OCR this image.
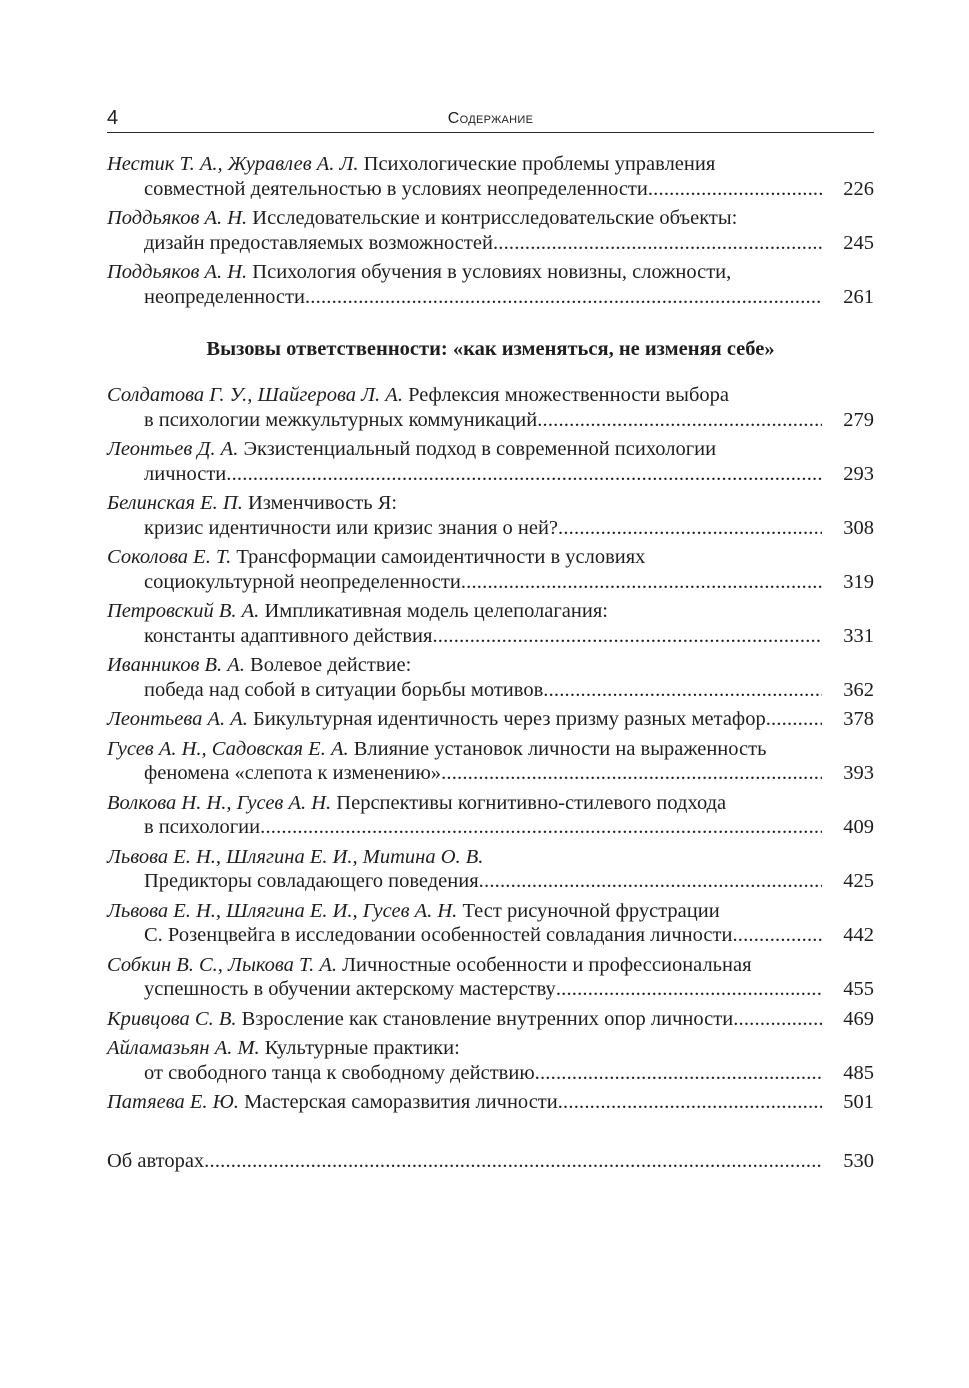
4	Содержание
Нестик Т. А., Журавлев А. Л. Психологические проблемы управления
совместной деятельностью в условиях неопределенности .....	226
Поддьяков А. Н. Исследовательские и контрисследовательские объекты:
дизайн предоставляемых возможностей .....	245
Поддьяков А. Н. Психология обучения в условиях новизны, сложности,
неопределенности .....	261
Вызовы ответственности: «как изменяться, не изменяя себе»
Солдатова Г. У., Шайгерова Л. А. Рефлексия множественности выбора
в психологии межкультурных коммуникаций .....	279
Леонтьев Д. А. Экзистенциальный подход в современной психологии
личности .....	293
Белинская Е. П. Изменчивость Я:
кризис идентичности или кризис знания о ней? .....	308
Соколова Е. Т. Трансформации самоидентичности в условиях
социокультурной неопределенности .....	319
Петровский В. А. Импликативная модель целеполагания:
константы адаптивного действия .....	331
Иванников В. А. Волевое действие:
победа над собой в ситуации борьбы мотивов .....	362
Леонтьева А. А. Бикультурная идентичность через призму разных метафор .....	378
Гусев А. Н., Садовская Е. А. Влияние установок личности на выраженность
феномена «слепота к изменению» .....	393
Волкова Н. Н., Гусев А. Н. Перспективы когнитивно-стилевого подхода
в психологии .....	409
Львова Е. Н., Шлягина Е. И., Митина О. В.
Предикторы совладающего поведения .....	425
Львова Е. Н., Шлягина Е. И., Гусев А. Н. Тест рисуночной фрустрации
С. Розенцвейга в исследовании особенностей совладания личности .....	442
Собкин В. С., Лыкова Т. А. Личностные особенности и профессиональная
успешность в обучении актерскому мастерству .....	455
Кривцова С. В. Взросление как становление внутренних опор личности .....	469
Айламазьян А. М. Культурные практики:
от свободного танца к свободному действию .....	485
Патяева Е. Ю. Мастерская саморазвития личности .....	501
Об авторах .....	530
